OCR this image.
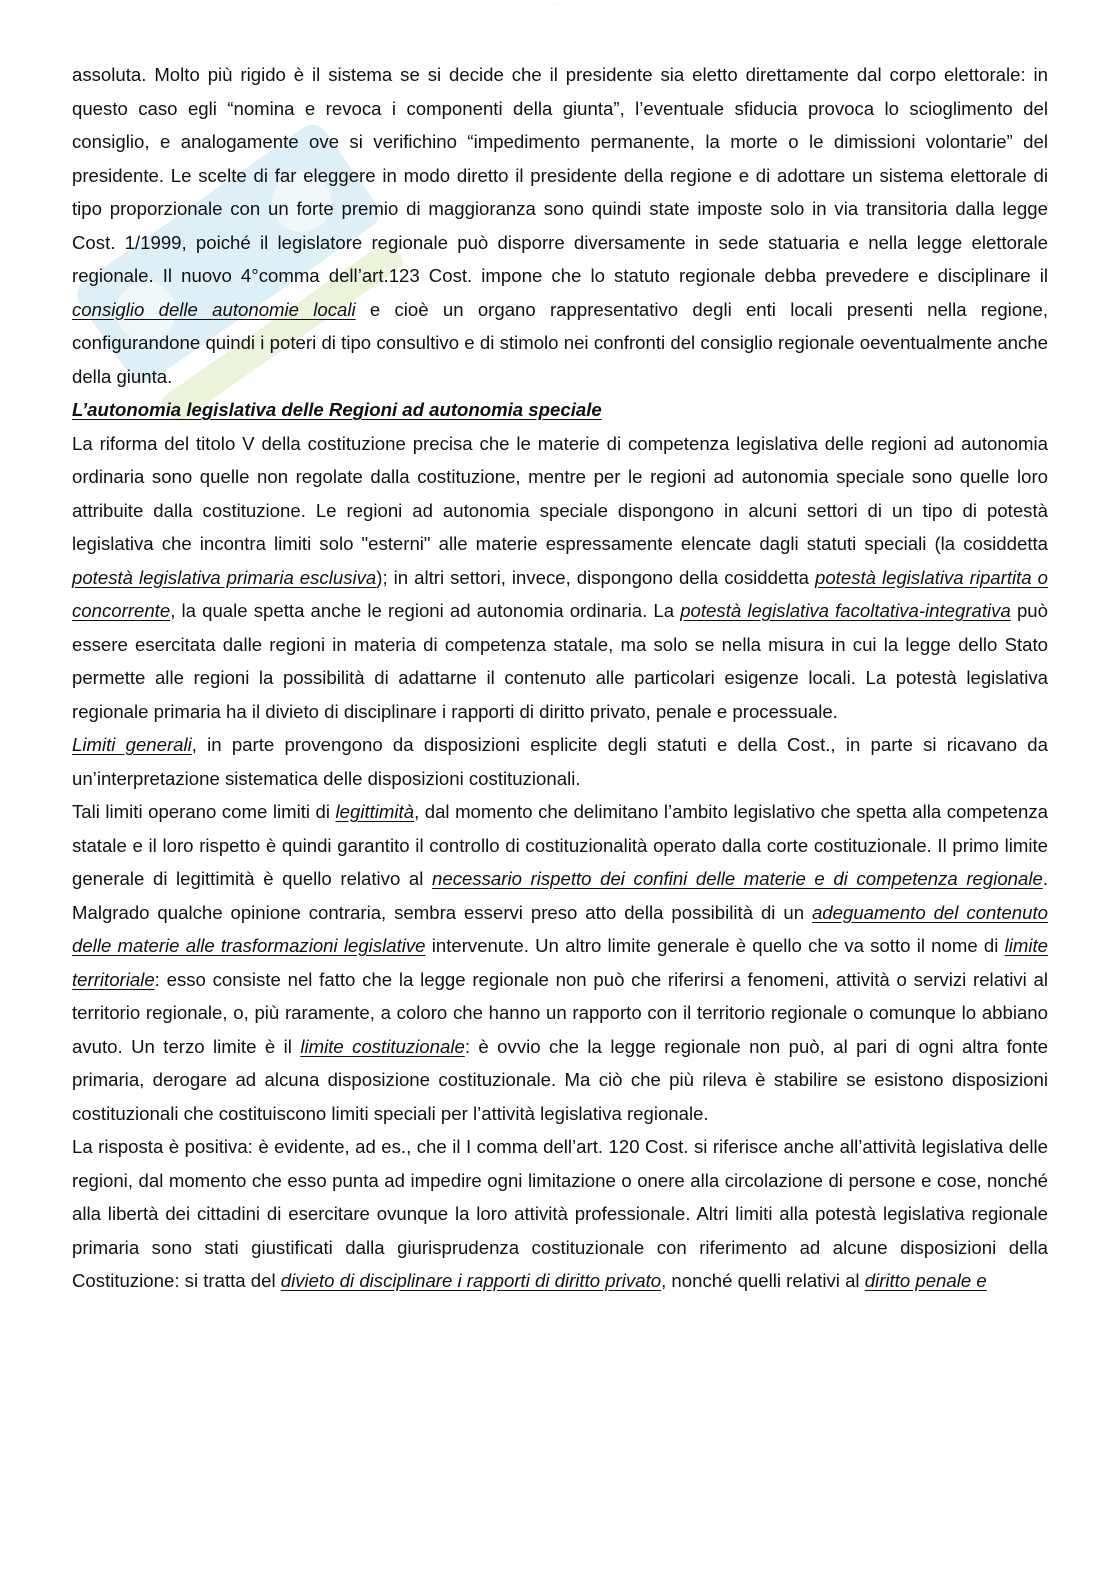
· · ·

assoluta. Molto più rigido è il sistema se si decide che il presidente sia eletto direttamente dal corpo elettorale: in questo caso egli “nomina e revoca i componenti della giunta”, l’eventuale sfiducia provoca lo scioglimento del consiglio, e analogamente ove si verifichino “impedimento permanente, la morte o le dimissioni volontarie” del presidente. Le scelte di far eleggere in modo diretto il presidente della regione e di adottare un sistema elettorale di tipo proporzionale con un forte premio di maggioranza sono quindi state imposte solo in via transitoria dalla legge Cost. 1/1999, poiché il legislatore regionale può disporre diversamente in sede statuaria e nella legge elettorale regionale. Il nuovo 4°comma dell’art.123 Cost. impone che lo statuto regionale debba prevedere e disciplinare il consiglio delle autonomie locali e cioè un organo rappresentativo degli enti locali presenti nella regione, configurandone quindi i poteri di tipo consultivo e di stimolo nei confronti del consiglio regionale oeventualmente anche della giunta.

L’autonomia legislativa delle Regioni ad autonomia speciale

La riforma del titolo V della costituzione precisa che le materie di competenza legislativa delle regioni ad autonomia ordinaria sono quelle non regolate dalla costituzione, mentre per le regioni ad autonomia speciale sono quelle loro attribuite dalla costituzione. Le regioni ad autonomia speciale dispongono in alcuni settori di un tipo di potestà legislativa che incontra limiti solo "esterni" alle materie espressamente elencate dagli statuti speciali (la cosiddetta potestà legislativa primaria esclusiva); in altri settori, invece, dispongono della cosiddetta potestà legislativa ripartita o concorrente, la quale spetta anche le regioni ad autonomia ordinaria. La potestà legislativa facoltativa-integrativa può essere esercitata dalle regioni in materia di competenza statale, ma solo se nella misura in cui la legge dello Stato permette alle regioni la possibilità di adattarne il contenuto alle particolari esigenze locali. La potestà legislativa regionale primaria ha il divieto di disciplinare i rapporti di diritto privato, penale e processuale.

Limiti generali, in parte provengono da disposizioni esplicite degli statuti e della Cost., in parte si ricavano da un’interpretazione sistematica delle disposizioni costituzionali.

Tali limiti operano come limiti di legittimità, dal momento che delimitano l’ambito legislativo che spetta alla competenza statale e il loro rispetto è quindi garantito il controllo di costituzionalità operato dalla corte costituzionale. Il primo limite generale di legittimità è quello relativo al necessario rispetto dei confini delle materie e di competenza regionale. Malgrado qualche opinione contraria, sembra esservi preso atto della possibilità di un adeguamento del contenuto delle materie alle trasformazioni legislative intervenute. Un altro limite generale è quello che va sotto il nome di limite territoriale: esso consiste nel fatto che la legge regionale non può che riferirsi a fenomeni, attività o servizi relativi al territorio regionale, o, più raramente, a coloro che hanno un rapporto con il territorio regionale o comunque lo abbiano avuto. Un terzo limite è il limite costituzionale: è ovvio che la legge regionale non può, al pari di ogni altra fonte primaria, derogare ad alcuna disposizione costituzionale. Ma ciò che più rileva è stabilire se esistono disposizioni costituzionali che costituiscono limiti speciali per l’attività legislativa regionale.

La risposta è positiva: è evidente, ad es., che il I comma dell’art. 120 Cost. si riferisce anche all’attività legislativa delle regioni, dal momento che esso punta ad impedire ogni limitazione o onere alla circolazione di persone e cose, nonché alla libertà dei cittadini di esercitare ovunque la loro attività professionale. Altri limiti alla potestà legislativa regionale primaria sono stati giustificati dalla giurisprudenza costituzionale con riferimento ad alcune disposizioni della Costituzione: si tratta del divieto di disciplinare i rapporti di diritto privato, nonché quelli relativi al diritto penale e
